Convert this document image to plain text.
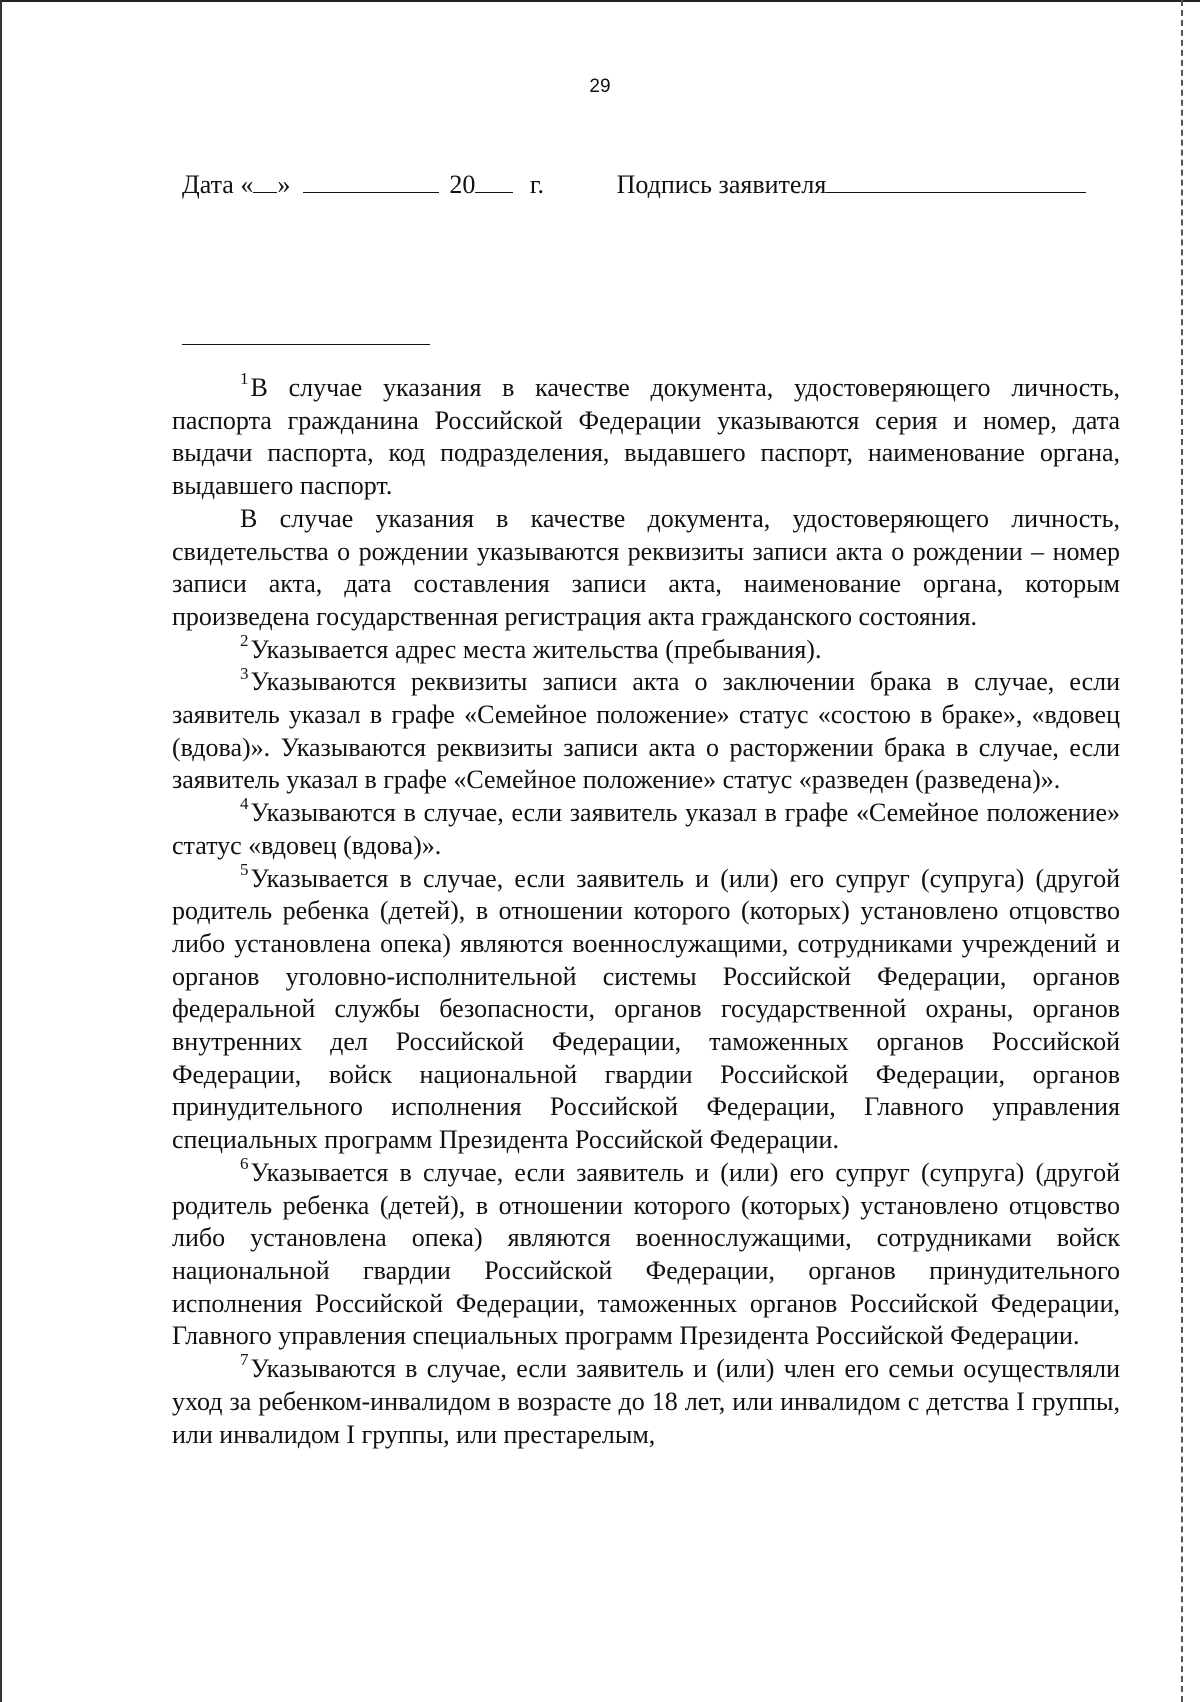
29
Дата « »	20 г.	Подпись заявителя

$^1$В случае указания в качестве документа, удостоверяющего личность, паспорта гражданина Российской Федерации указываются серия и номер, дата выдачи паспорта, код подразделения, выдавшего паспорт, наименование органа, выдавшего паспорт.

В случае указания в качестве документа, удостоверяющего личность, свидетельства о рождении указываются реквизиты записи акта о рождении – номер записи акта, дата составления записи акта, наименование органа, которым произведена государственная регистрация акта гражданского состояния.

$^2$Указывается адрес места жительства (пребывания).

$^3$Указываются реквизиты записи акта о заключении брака в случае, если заявитель указал в графе «Семейное положение» статус «состою в браке», «вдовец (вдова)». Указываются реквизиты записи акта о расторжении брака в случае, если заявитель указал в графе «Семейное положение» статус «разведен (разведена)».

$^4$Указываются в случае, если заявитель указал в графе «Семейное положение» статус «вдовец (вдова)».

$^5$Указывается в случае, если заявитель и (или) его супруг (супруга) (другой родитель ребенка (детей), в отношении которого (которых) установлено отцовство либо установлена опека) являются военнослужащими, сотрудниками учреждений и органов уголовно-исполнительной системы Российской Федерации, органов федеральной службы безопасности, органов государственной охраны, органов внутренних дел Российской Федерации, таможенных органов Российской Федерации, войск национальной гвардии Российской Федерации, органов принудительного исполнения Российской Федерации, Главного управления специальных программ Президента Российской Федерации.

$^6$Указывается в случае, если заявитель и (или) его супруг (супруга) (другой родитель ребенка (детей), в отношении которого (которых) установлено отцовство либо установлена опека) являются военнослужащими, сотрудниками войск национальной гвардии Российской Федерации, органов принудительного исполнения Российской Федерации, таможенных органов Российской Федерации, Главного управления специальных программ Президента Российской Федерации.

$^7$Указываются в случае, если заявитель и (или) член его семьи осуществляли уход за ребенком-инвалидом в возрасте до 18 лет, или инвалидом с детства I группы, или инвалидом I группы, или престарелым,
